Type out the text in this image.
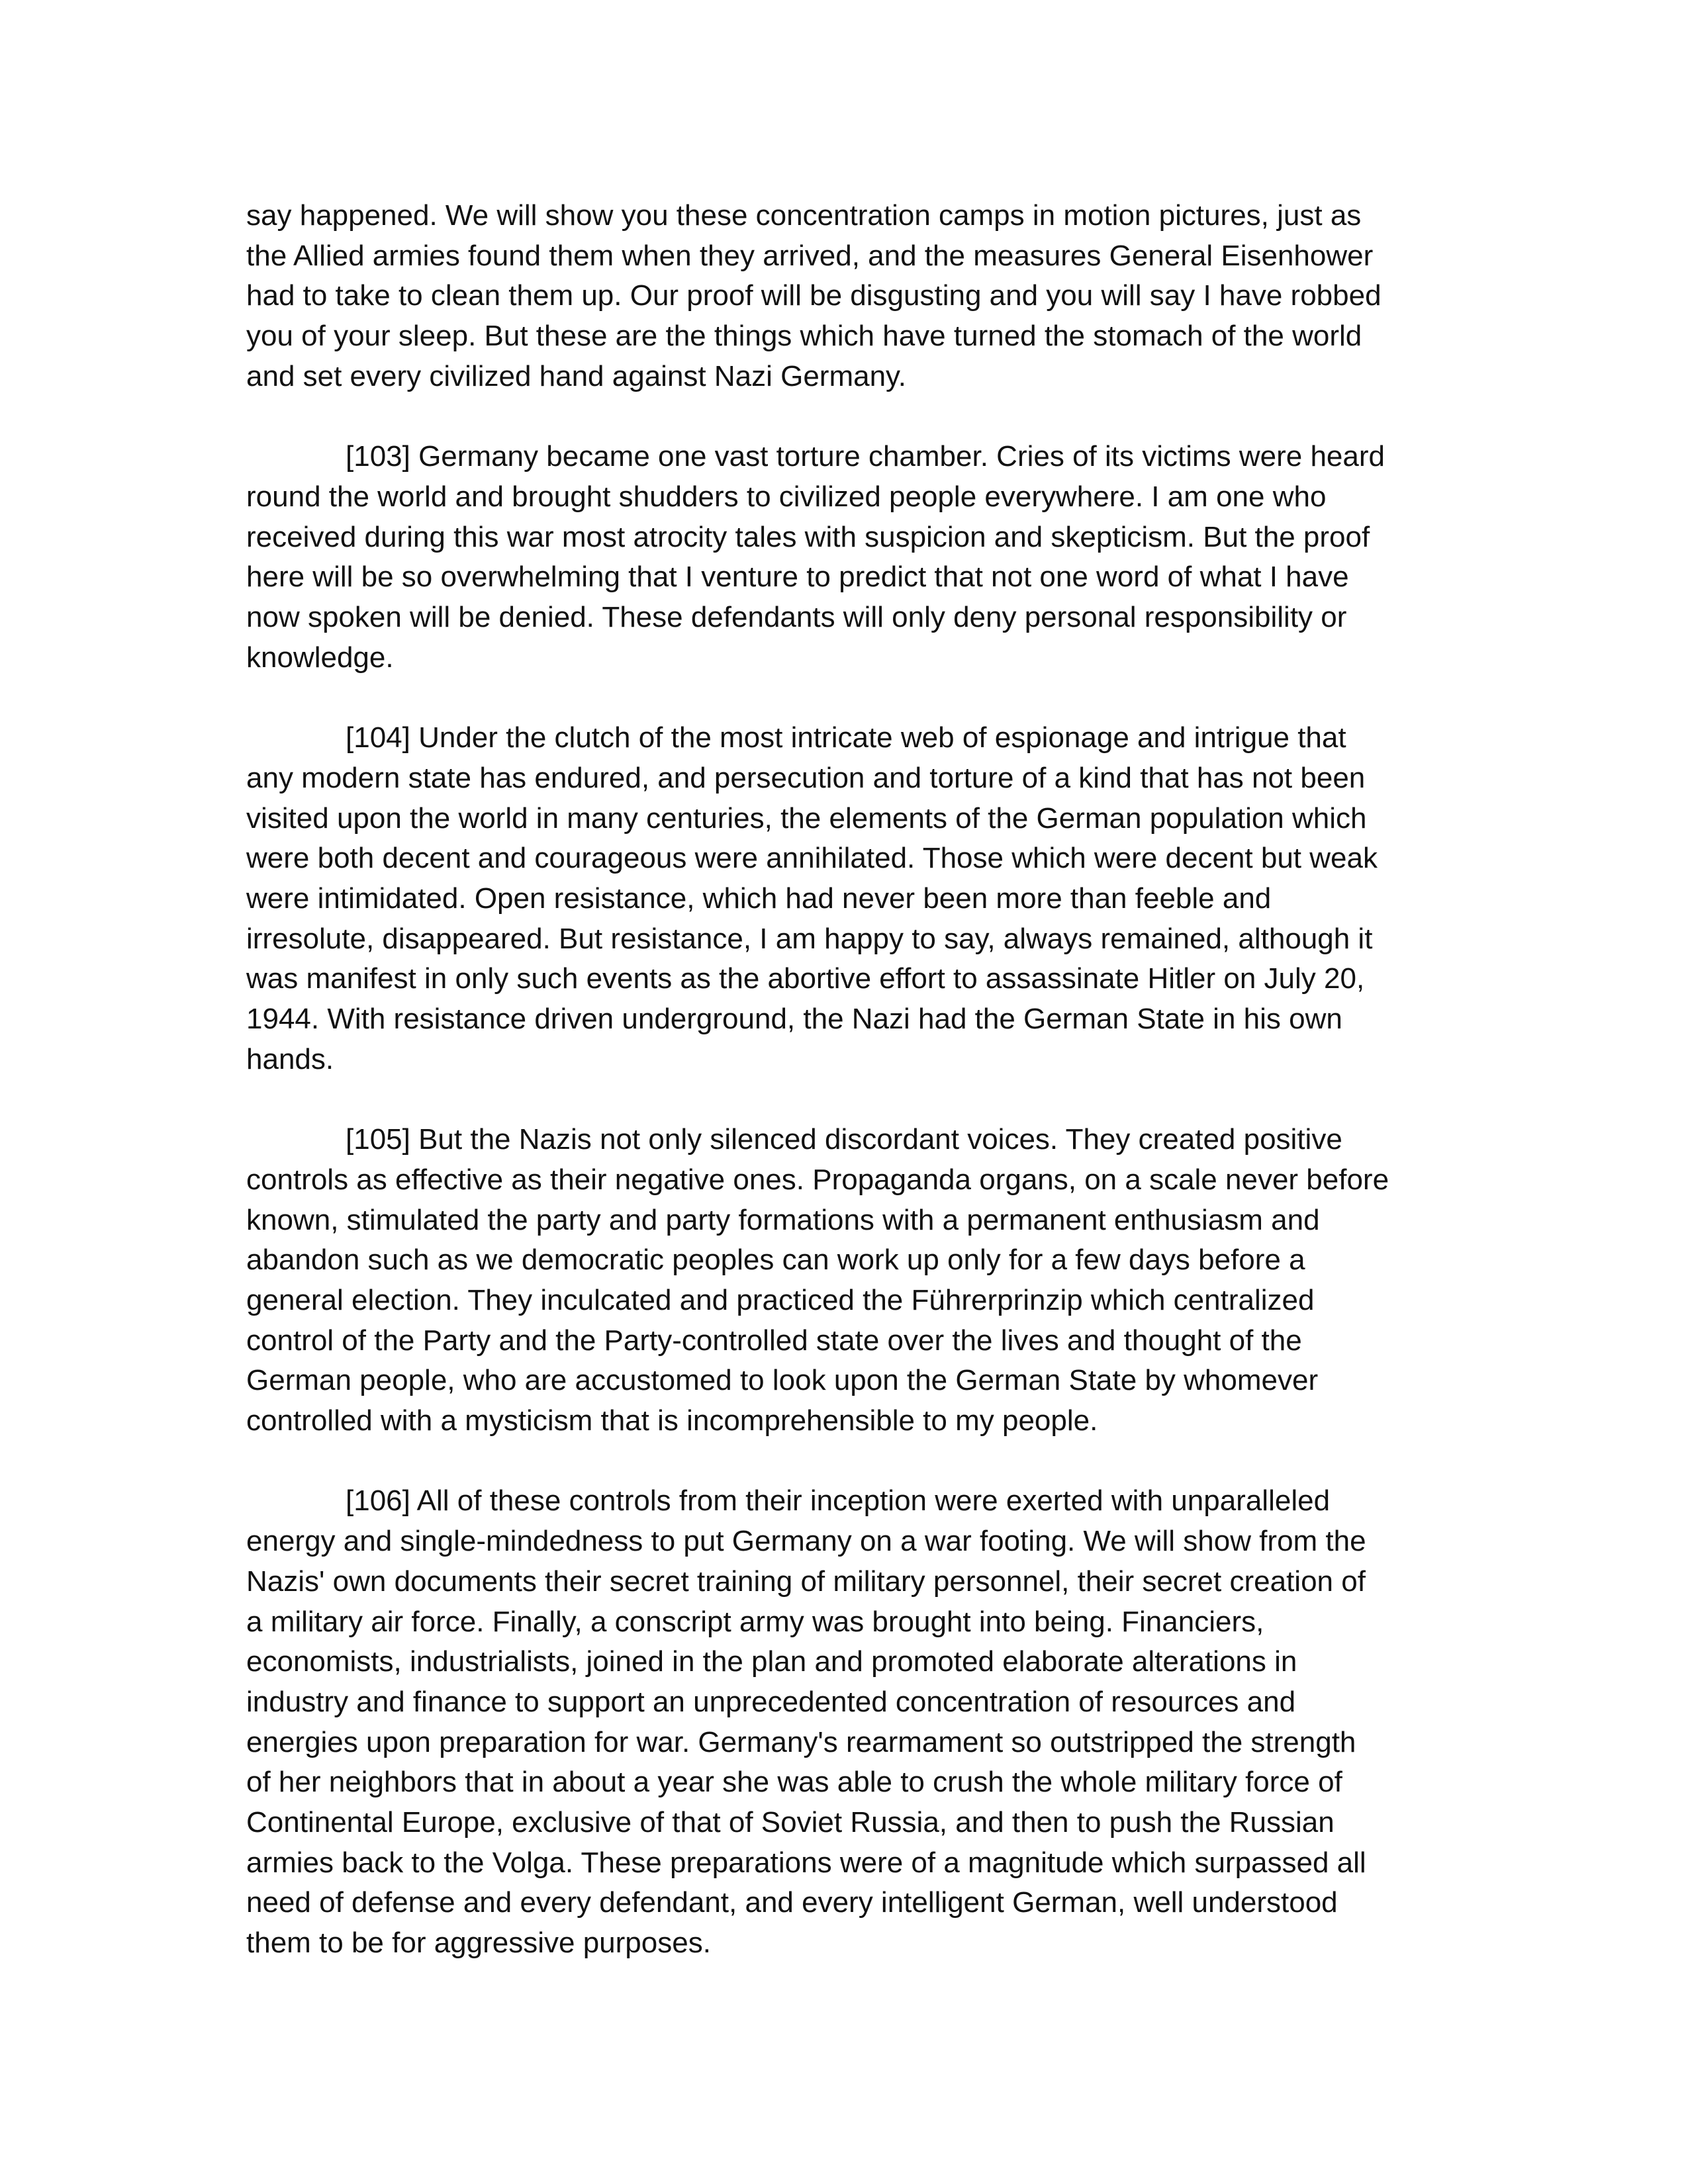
say happened. We will show you these concentration camps in motion pictures, just as
the Allied armies found them when they arrived, and the measures General Eisenhower
had to take to clean them up. Our proof will be disgusting and you will say I have robbed
you of your sleep. But these are the things which have turned the stomach of the world
and set every civilized hand against Nazi Germany.

[103] Germany became one vast torture chamber. Cries of its victims were heard
round the world and brought shudders to civilized people everywhere. I am one who
received during this war most atrocity tales with suspicion and skepticism. But the proof
here will be so overwhelming that I venture to predict that not one word of what I have
now spoken will be denied. These defendants will only deny personal responsibility or
knowledge.

[104] Under the clutch of the most intricate web of espionage and intrigue that
any modern state has endured, and persecution and torture of a kind that has not been
visited upon the world in many centuries, the elements of the German population which
were both decent and courageous were annihilated. Those which were decent but weak
were intimidated. Open resistance, which had never been more than feeble and
irresolute, disappeared. But resistance, I am happy to say, always remained, although it
was manifest in only such events as the abortive effort to assassinate Hitler on July 20,
1944. With resistance driven underground, the Nazi had the German State in his own
hands.

[105] But the Nazis not only silenced discordant voices. They created positive
controls as effective as their negative ones. Propaganda organs, on a scale never before
known, stimulated the party and party formations with a permanent enthusiasm and
abandon such as we democratic peoples can work up only for a few days before a
general election. They inculcated and practiced the Führerprinzip which centralized
control of the Party and the Party-controlled state over the lives and thought of the
German people, who are accustomed to look upon the German State by whomever
controlled with a mysticism that is incomprehensible to my people.

[106] All of these controls from their inception were exerted with unparalleled
energy and single-mindedness to put Germany on a war footing. We will show from the
Nazis' own documents their secret training of military personnel, their secret creation of
a military air force. Finally, a conscript army was brought into being. Financiers,
economists, industrialists, joined in the plan and promoted elaborate alterations in
industry and finance to support an unprecedented concentration of resources and
energies upon preparation for war. Germany's rearmament so outstripped the strength
of her neighbors that in about a year she was able to crush the whole military force of
Continental Europe, exclusive of that of Soviet Russia, and then to push the Russian
armies back to the Volga. These preparations were of a magnitude which surpassed all
need of defense and every defendant, and every intelligent German, well understood
them to be for aggressive purposes.
